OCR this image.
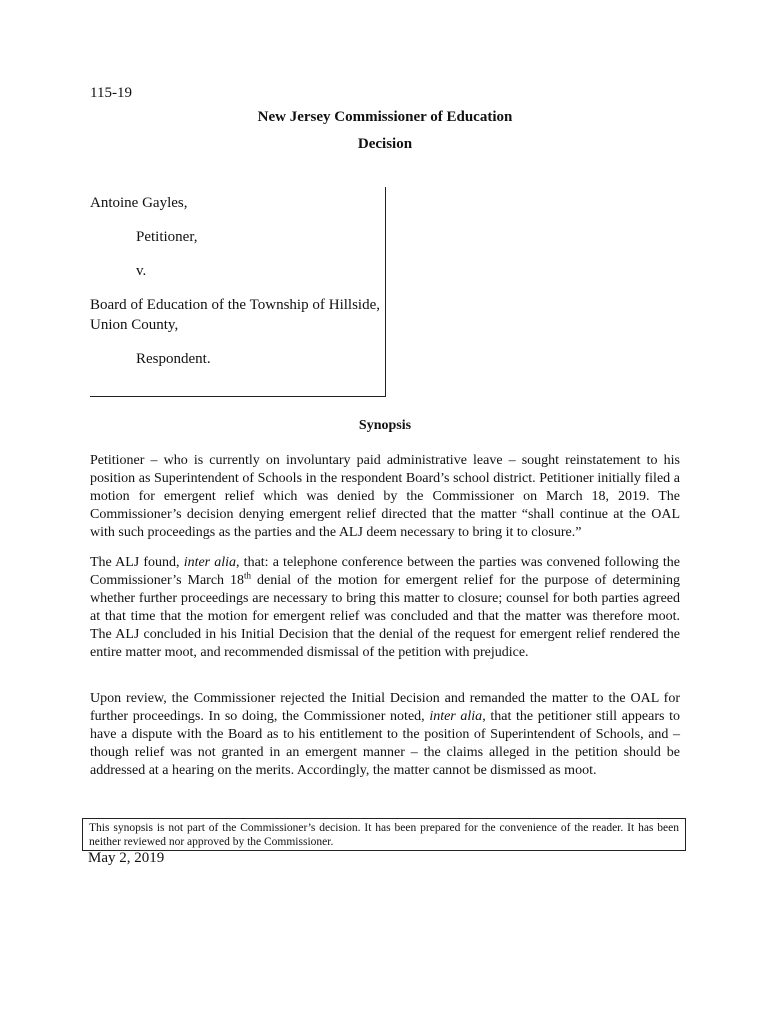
115-19
New Jersey Commissioner of Education
Decision
Antoine Gayles,
Petitioner,
v.
Board of Education of the Township of Hillside, Union County,
Respondent.
Synopsis

Petitioner – who is currently on involuntary paid administrative leave – sought reinstatement to his position as Superintendent of Schools in the respondent Board’s school district. Petitioner initially filed a motion for emergent relief which was denied by the Commissioner on March 18, 2019. The Commissioner’s decision denying emergent relief directed that the matter “shall continue at the OAL with such proceedings as the parties and the ALJ deem necessary to bring it to closure.”

The ALJ found, inter alia, that: a telephone conference between the parties was convened following the Commissioner’s March 18th denial of the motion for emergent relief for the purpose of determining whether further proceedings are necessary to bring this matter to closure; counsel for both parties agreed at that time that the motion for emergent relief was concluded and that the matter was therefore moot. The ALJ concluded in his Initial Decision that the denial of the request for emergent relief rendered the entire matter moot, and recommended dismissal of the petition with prejudice.

Upon review, the Commissioner rejected the Initial Decision and remanded the matter to the OAL for further proceedings. In so doing, the Commissioner noted, inter alia, that the petitioner still appears to have a dispute with the Board as to his entitlement to the position of Superintendent of Schools, and – though relief was not granted in an emergent manner – the claims alleged in the petition should be addressed at a hearing on the merits. Accordingly, the matter cannot be dismissed as moot.

This synopsis is not part of the Commissioner’s decision. It has been prepared for the convenience of the reader. It has been neither reviewed nor approved by the Commissioner.
May 2, 2019
